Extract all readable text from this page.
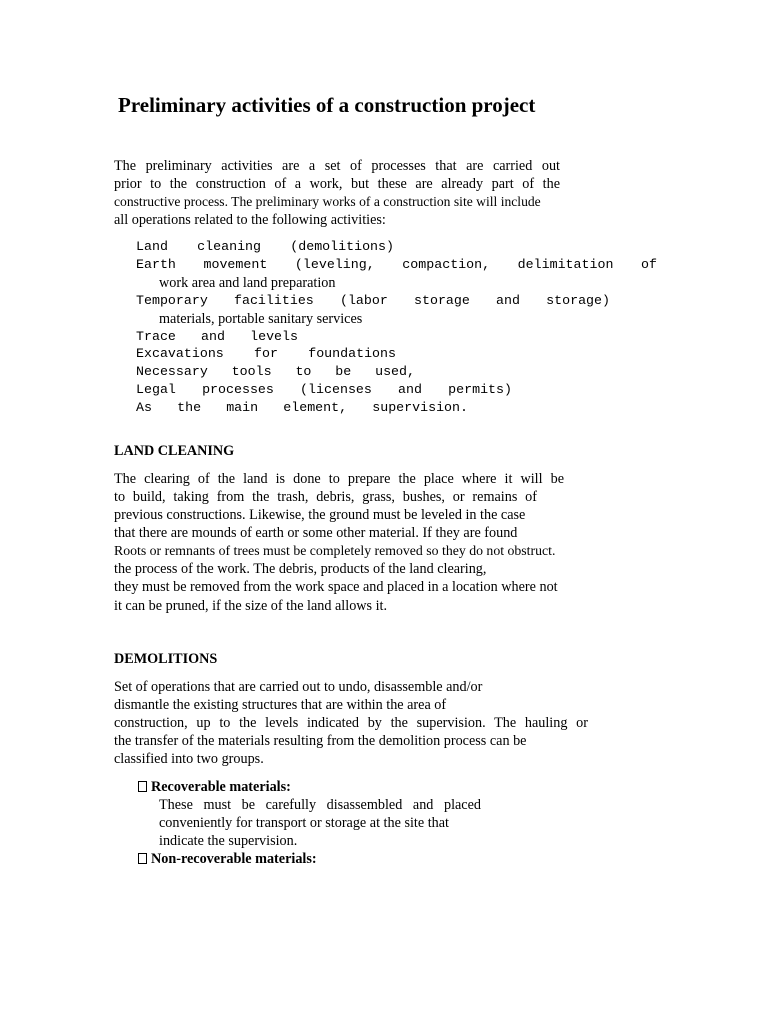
Preliminary activities of a construction project

The preliminary activities are a set of processes that are carried out

prior to the construction of a work, but these are already part of the

constructive process. The preliminary works of a construction site will include

all operations related to the following activities:

Land cleaning (demolitions)

Earth movement (leveling, compaction, delimitation of

work area and land preparation

Temporary facilities (labor storage and storage)

materials, portable sanitary services

Trace and levels

Excavations for foundations

Necessary tools to be used,

Legal processes (licenses and permits)

As the main element, supervision.

LAND CLEANING

The clearing of the land is done to prepare the place where it will be

to build, taking from the trash, debris, grass, bushes, or remains of

previous constructions. Likewise, the ground must be leveled in the case

that there are mounds of earth or some other material. If they are found

Roots or remnants of trees must be completely removed so they do not obstruct.

the process of the work. The debris, products of the land clearing,

they must be removed from the work space and placed in a location where not

it can be pruned, if the size of the land allows it.

DEMOLITIONS

Set of operations that are carried out to undo, disassemble and/or

dismantle the existing structures that are within the area of

construction, up to the levels indicated by the supervision. The hauling or

the transfer of the materials resulting from the demolition process can be

classified into two groups.

Recoverable materials:

These must be carefully disassembled and placed

conveniently for transport or storage at the site that

indicate the supervision.

Non-recoverable materials:
